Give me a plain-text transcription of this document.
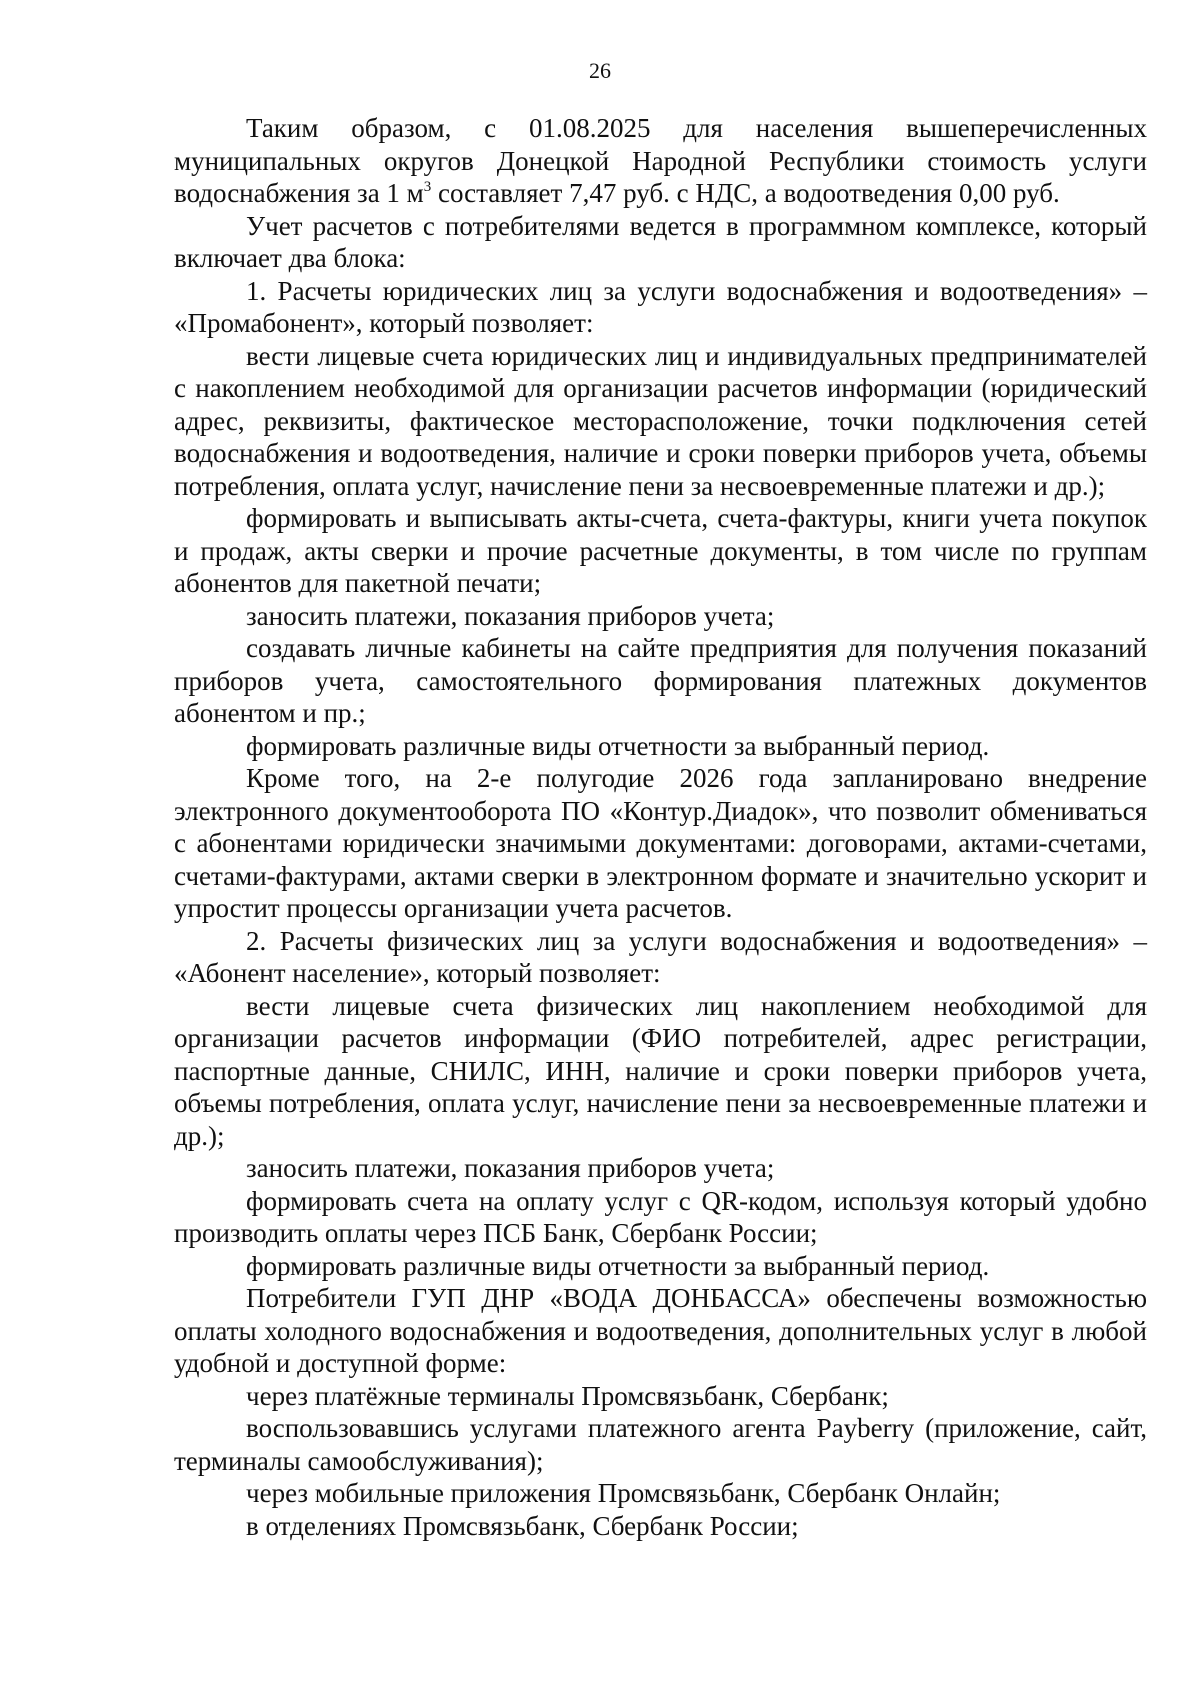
26

Таким образом, с 01.08.2025 для населения вышеперечисленных муниципальных округов Донецкой Народной Республики стоимость услуги водоснабжения за 1 $м^3$ составляет 7,47 руб. с НДС, а водоотведения 0,00 руб.

Учет расчетов с потребителями ведется в программном комплексе, который включает два блока:

1. Расчеты юридических лиц за услуги водоснабжения и водоотведения» – «Промабонент», который позволяет:

вести лицевые счета юридических лиц и индивидуальных предпринимателей с накоплением необходимой для организации расчетов информации (юридический адрес, реквизиты, фактическое месторасположение, точки подключения сетей водоснабжения и водоотведения, наличие и сроки поверки приборов учета, объемы потребления, оплата услуг, начисление пени за несвоевременные платежи и др.);

формировать и выписывать акты-счета, счета-фактуры, книги учета покупок и продаж, акты сверки и прочие расчетные документы, в том числе по группам абонентов для пакетной печати;

заносить платежи, показания приборов учета;

создавать личные кабинеты на сайте предприятия для получения показаний приборов учета, самостоятельного формирования платежных документов абонентом и пр.;

формировать различные виды отчетности за выбранный период.

Кроме того, на 2-е полугодие 2026 года запланировано внедрение электронного документооборота ПО «Контур.Диадок», что позволит обмениваться с абонентами юридически значимыми документами: договорами, актами-счетами, счетами-фактурами, актами сверки в электронном формате и значительно ускорит и упростит процессы организации учета расчетов.

2. Расчеты физических лиц за услуги водоснабжения и водоотведения» – «Абонент население», который позволяет:

вести лицевые счета физических лиц накоплением необходимой для организации расчетов информации (ФИО потребителей, адрес регистрации, паспортные данные, СНИЛС, ИНН, наличие и сроки поверки приборов учета, объемы потребления, оплата услуг, начисление пени за несвоевременные платежи и др.);

заносить платежи, показания приборов учета;

формировать счета на оплату услуг с QR-кодом, используя который удобно производить оплаты через ПСБ Банк, Сбербанк России;

формировать различные виды отчетности за выбранный период.

Потребители ГУП ДНР «ВОДА ДОНБАССА» обеспечены возможностью оплаты холодного водоснабжения и водоотведения, дополнительных услуг в любой удобной и доступной форме:

через платёжные терминалы Промсвязьбанк, Сбербанк;

воспользовавшись услугами платежного агента Payberry (приложение, сайт, терминалы самообслуживания);

через мобильные приложения Промсвязьбанк, Сбербанк Онлайн;

в отделениях Промсвязьбанк, Сбербанк России;
